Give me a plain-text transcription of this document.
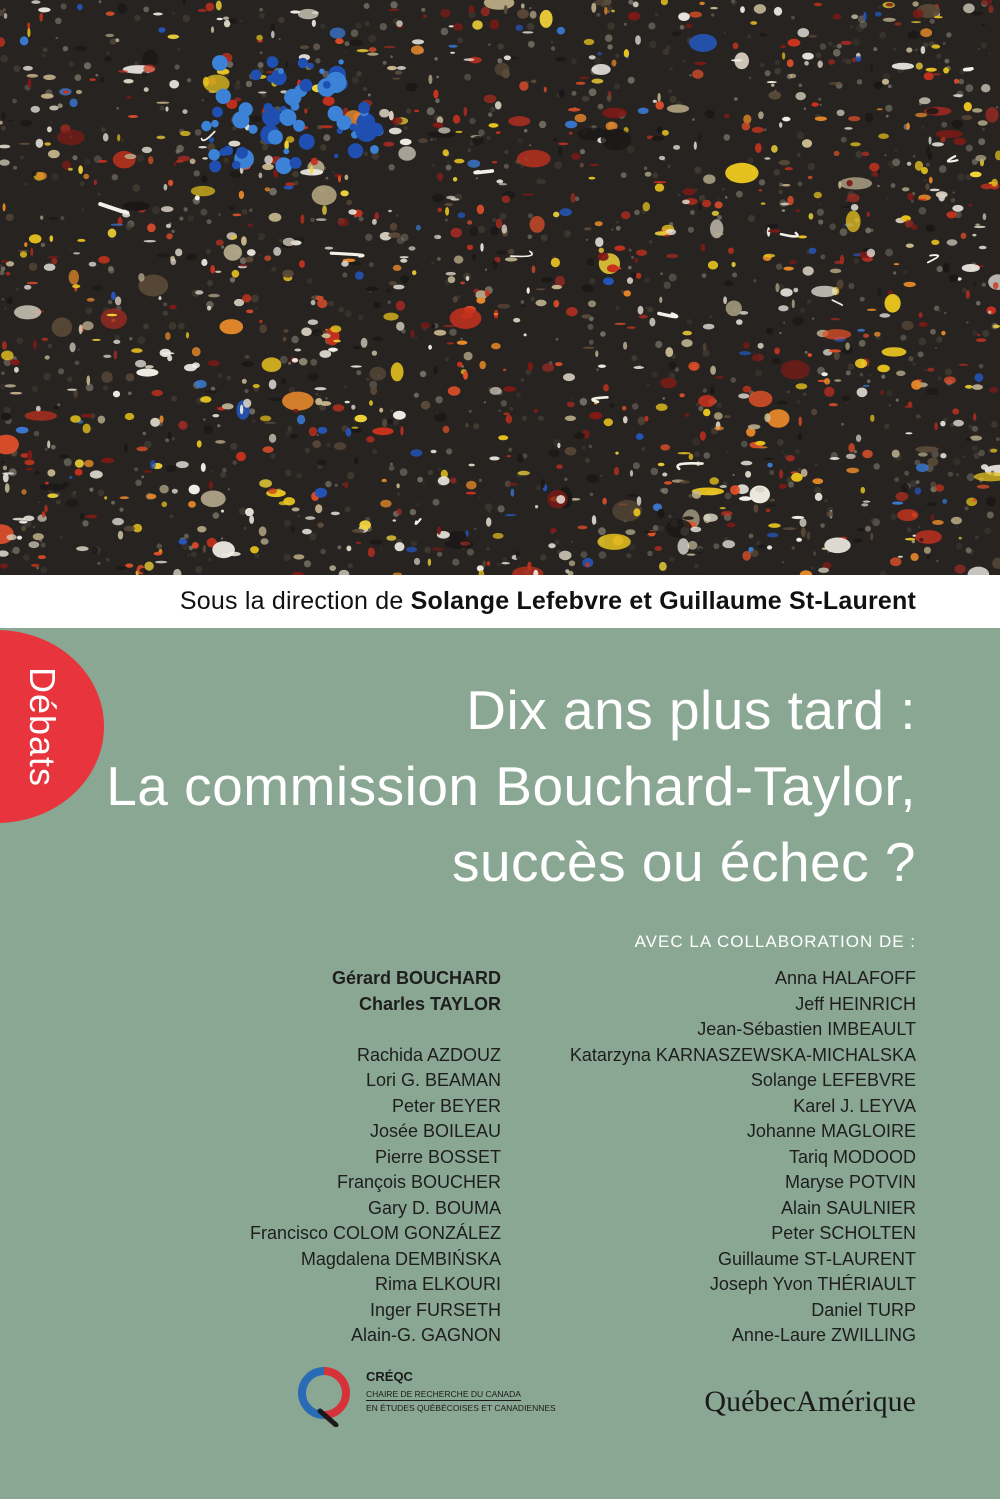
Sous la direction de Solange Lefebvre et Guillaume St-Laurent
Débats	Dix ans plus tard :
La commission Bouchard-Taylor,
succès ou échec ?
AVEC LA COLLABORATION DE :
Gérard BOUCHARD
Charles TAYLOR
Rachida AZDOUZ
Lori G. BEAMAN
Peter BEYER
Josée BOILEAU
Pierre BOSSET
François BOUCHER
Gary D. BOUMA
Francisco COLOM GONZÁLEZ
Magdalena DEMBIŃSKA
Rima ELKOURI
Inger FURSETH
Alain-G. GAGNON
Anna HALAFOFF
Jeff HEINRICH
Jean-Sébastien IMBEAULT
Katarzyna KARNASZEWSKA-MICHALSKA
Solange LEFEBVRE
Karel J. LEYVA
Johanne MAGLOIRE
Tariq MODOOD
Maryse POTVIN
Alain SAULNIER
Peter SCHOLTEN
Guillaume ST-LAURENT
Joseph Yvon THÉRIAULT
Daniel TURP
Anne-Laure ZWILLING
CRÉQC
CHAIRE DE RECHERCHE DU CANADA
EN ÉTUDES QUÉBÉCOISES ET CANADIENNES	QuébecAmérique
